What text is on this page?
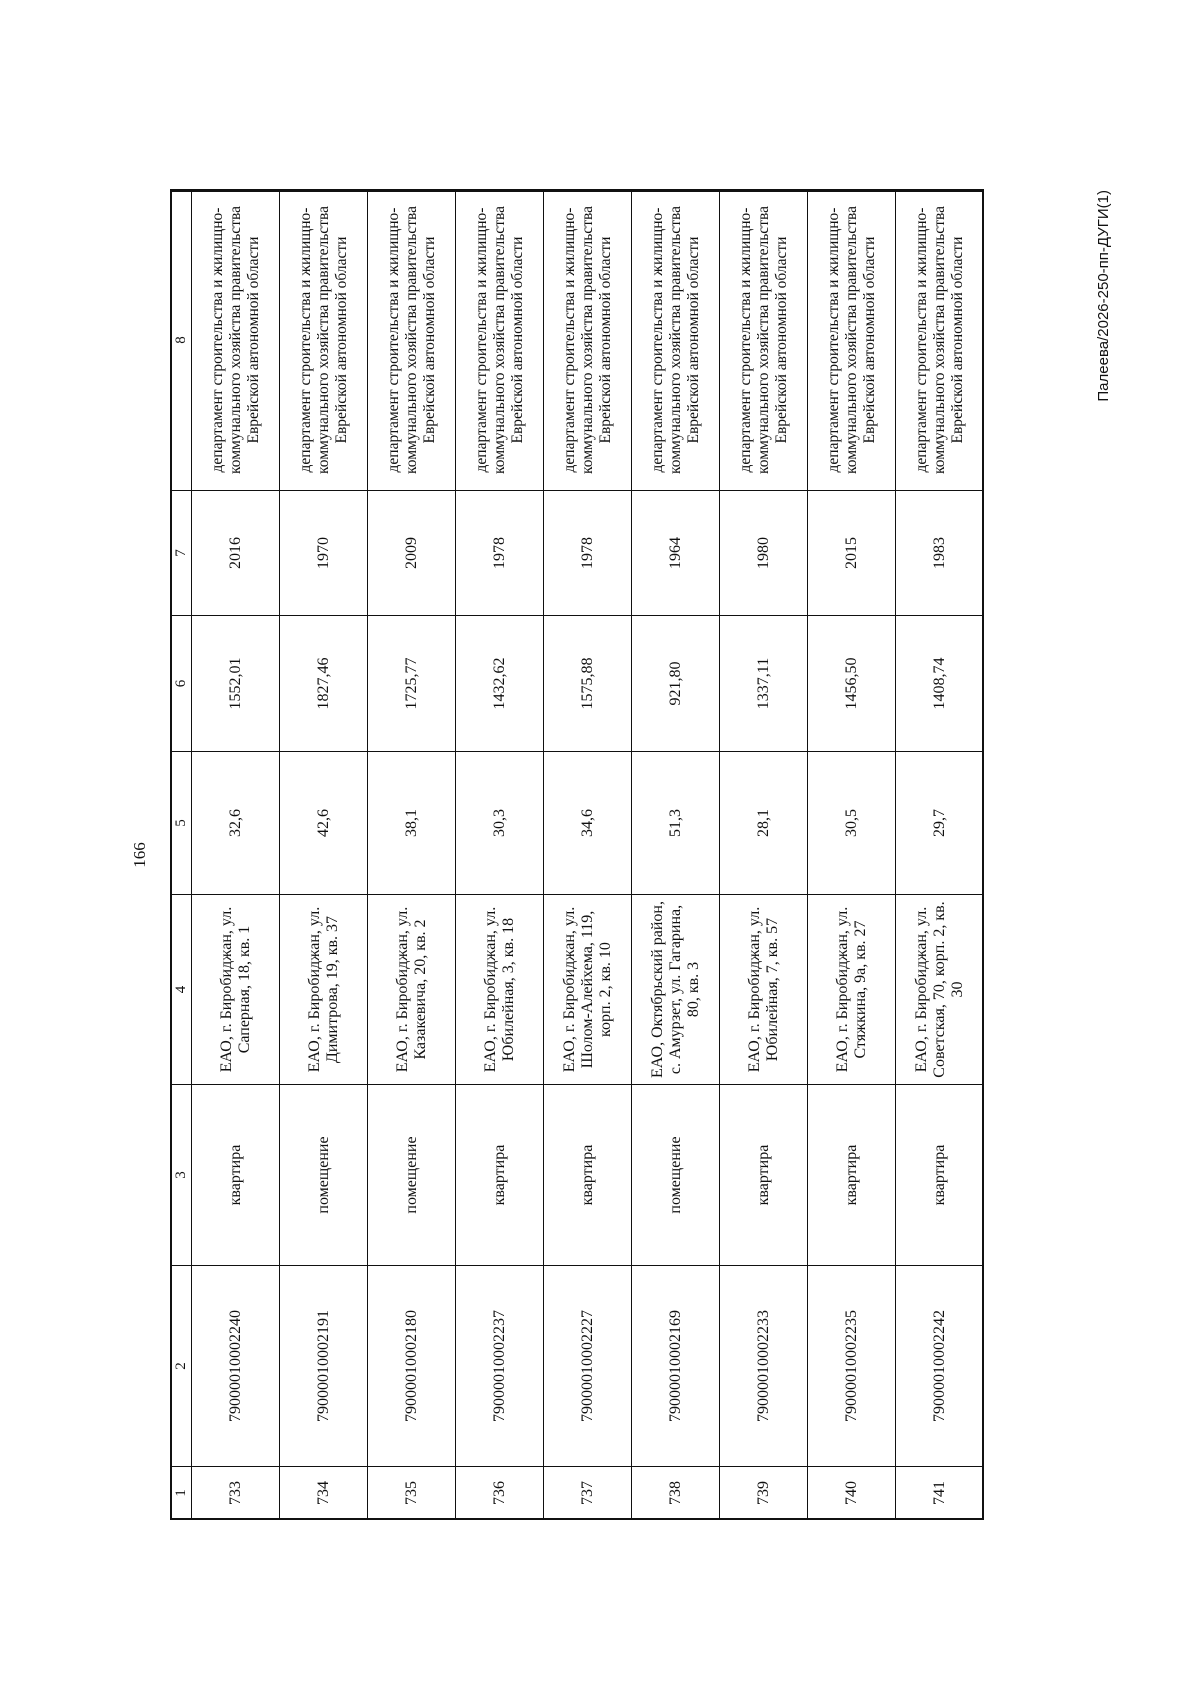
166
1	2	3	4	5	6	7	8
733	79000010002240	квартира	ЕАО, г. Биробиджан, ул. Саперная, 18, кв. 1	32,6	1552,01	2016	департамент строительства и жилищно-коммунального хозяйства правительства Еврейской автономной области
734	79000010002191	помещение	ЕАО, г. Биробиджан, ул. Димитрова, 19, кв. 37	42,6	1827,46	1970	департамент строительства и жилищно-коммунального хозяйства правительства Еврейской автономной области
735	79000010002180	помещение	ЕАО, г. Биробиджан, ул. Казакевича, 20, кв. 2	38,1	1725,77	2009	департамент строительства и жилищно-коммунального хозяйства правительства Еврейской автономной области
736	79000010002237	квартира	ЕАО, г. Биробиджан, ул. Юбилейная, 3, кв. 18	30,3	1432,62	1978	департамент строительства и жилищно-коммунального хозяйства правительства Еврейской автономной области
737	79000010002227	квартира	ЕАО, г. Биробиджан, ул. Шолом-Алейхема, 119, корп. 2, кв. 10	34,6	1575,88	1978	департамент строительства и жилищно-коммунального хозяйства правительства Еврейской автономной области
738	79000010002169	помещение	ЕАО, Октябрьский район, с. Амурзет, ул. Гагарина, 80, кв. 3	51,3	921,80	1964	департамент строительства и жилищно-коммунального хозяйства правительства Еврейской автономной области
739	79000010002233	квартира	ЕАО, г. Биробиджан, ул. Юбилейная, 7, кв. 57	28,1	1337,11	1980	департамент строительства и жилищно-коммунального хозяйства правительства Еврейской автономной области
740	79000010002235	квартира	ЕАО, г. Биробиджан, ул. Стяжкина, 9а, кв. 27	30,5	1456,50	2015	департамент строительства и жилищно-коммунального хозяйства правительства Еврейской автономной области
741	79000010002242	квартира	ЕАО, г. Биробиджан, ул. Советская, 70, корп. 2, кв. 30	29,7	1408,74	1983	департамент строительства и жилищно-коммунального хозяйства правительства Еврейской автономной области	Палеева/2026-250-пп-ДУГИ(1)
